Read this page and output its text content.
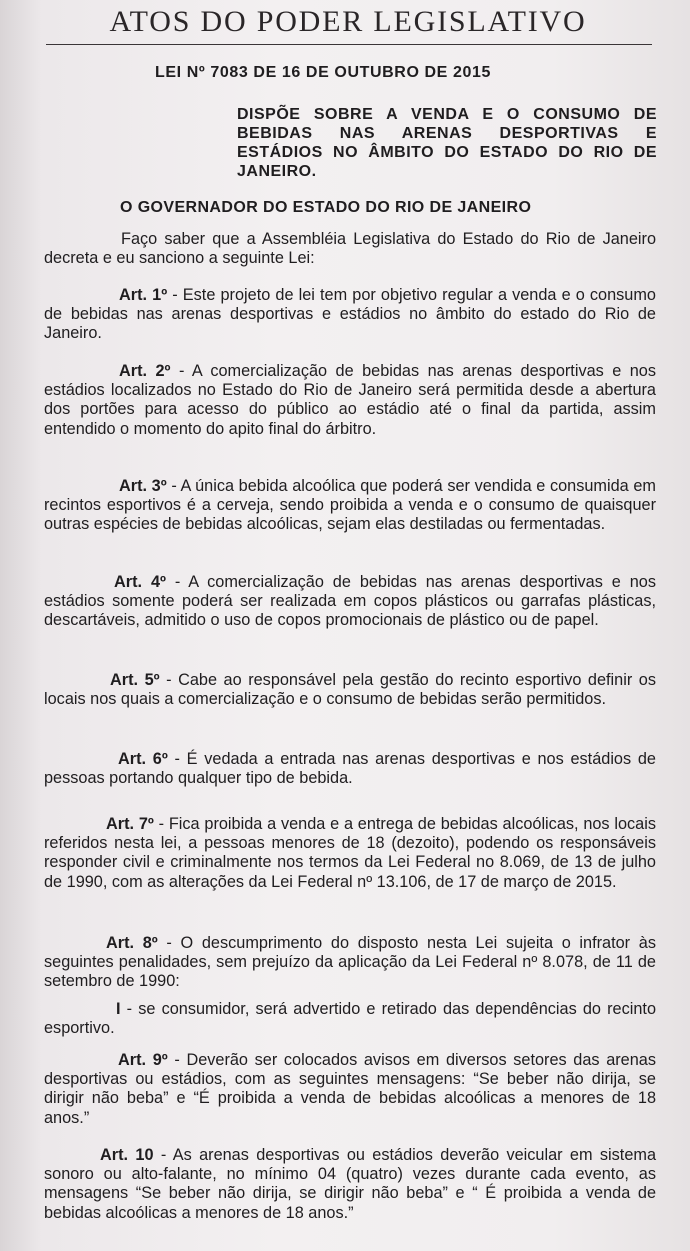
ATOS DO PODER LEGISLATIVO
LEI Nº 7083 DE 16 DE OUTUBRO DE 2015
DISPÕE SOBRE A VENDA E O CONSUMO DE BEBIDAS NAS ARENAS DESPORTIVAS E ESTÁDIOS NO ÂMBITO DO ESTADO DO RIO DE JANEIRO.
O GOVERNADOR DO ESTADO DO RIO DE JANEIRO

Faço saber que a Assembléia Legislativa do Estado do Rio de Janeiro decreta e eu sanciono a seguinte Lei:

Art. 1º - Este projeto de lei tem por objetivo regular a venda e o consumo de bebidas nas arenas desportivas e estádios no âmbito do estado do Rio de Janeiro.

Art. 2º - A comercialização de bebidas nas arenas desportivas e nos estádios localizados no Estado do Rio de Janeiro será permitida desde a abertura dos portões para acesso do público ao estádio até o final da partida, assim entendido o momento do apito final do árbitro.

Art. 3º - A única bebida alcoólica que poderá ser vendida e consumida em recintos esportivos é a cerveja, sendo proibida a venda e o consumo de quaisquer outras espécies de bebidas alcoólicas, sejam elas destiladas ou fermentadas.

Art. 4º - A comercialização de bebidas nas arenas desportivas e nos estádios somente poderá ser realizada em copos plásticos ou garrafas plásticas, descartáveis, admitido o uso de copos promocionais de plástico ou de papel.

Art. 5º - Cabe ao responsável pela gestão do recinto esportivo definir os locais nos quais a comercialização e o consumo de bebidas serão permitidos.

Art. 6º - É vedada a entrada nas arenas desportivas e nos estádios de pessoas portando qualquer tipo de bebida.

Art. 7º - Fica proibida a venda e a entrega de bebidas alcoólicas, nos locais referidos nesta lei, a pessoas menores de 18 (dezoito), podendo os responsáveis responder civil e criminalmente nos termos da Lei Federal no 8.069, de 13 de julho de 1990, com as alterações da Lei Federal nº 13.106, de 17 de março de 2015.

Art. 8º - O descumprimento do disposto nesta Lei sujeita o infrator às seguintes penalidades, sem prejuízo da aplicação da Lei Federal nº 8.078, de 11 de setembro de 1990:

I - se consumidor, será advertido e retirado das dependências do recinto esportivo.

Art. 9º - Deverão ser colocados avisos em diversos setores das arenas desportivas ou estádios, com as seguintes mensagens: “Se beber não dirija, se dirigir não beba” e “É proibida a venda de bebidas alcoólicas a menores de 18 anos.”

Art. 10 - As arenas desportivas ou estádios deverão veicular em sistema sonoro ou alto-falante, no mínimo 04 (quatro) vezes durante cada evento, as mensagens “Se beber não dirija, se dirigir não beba” e “ É proibida a venda de bebidas alcoólicas a menores de 18 anos.”
